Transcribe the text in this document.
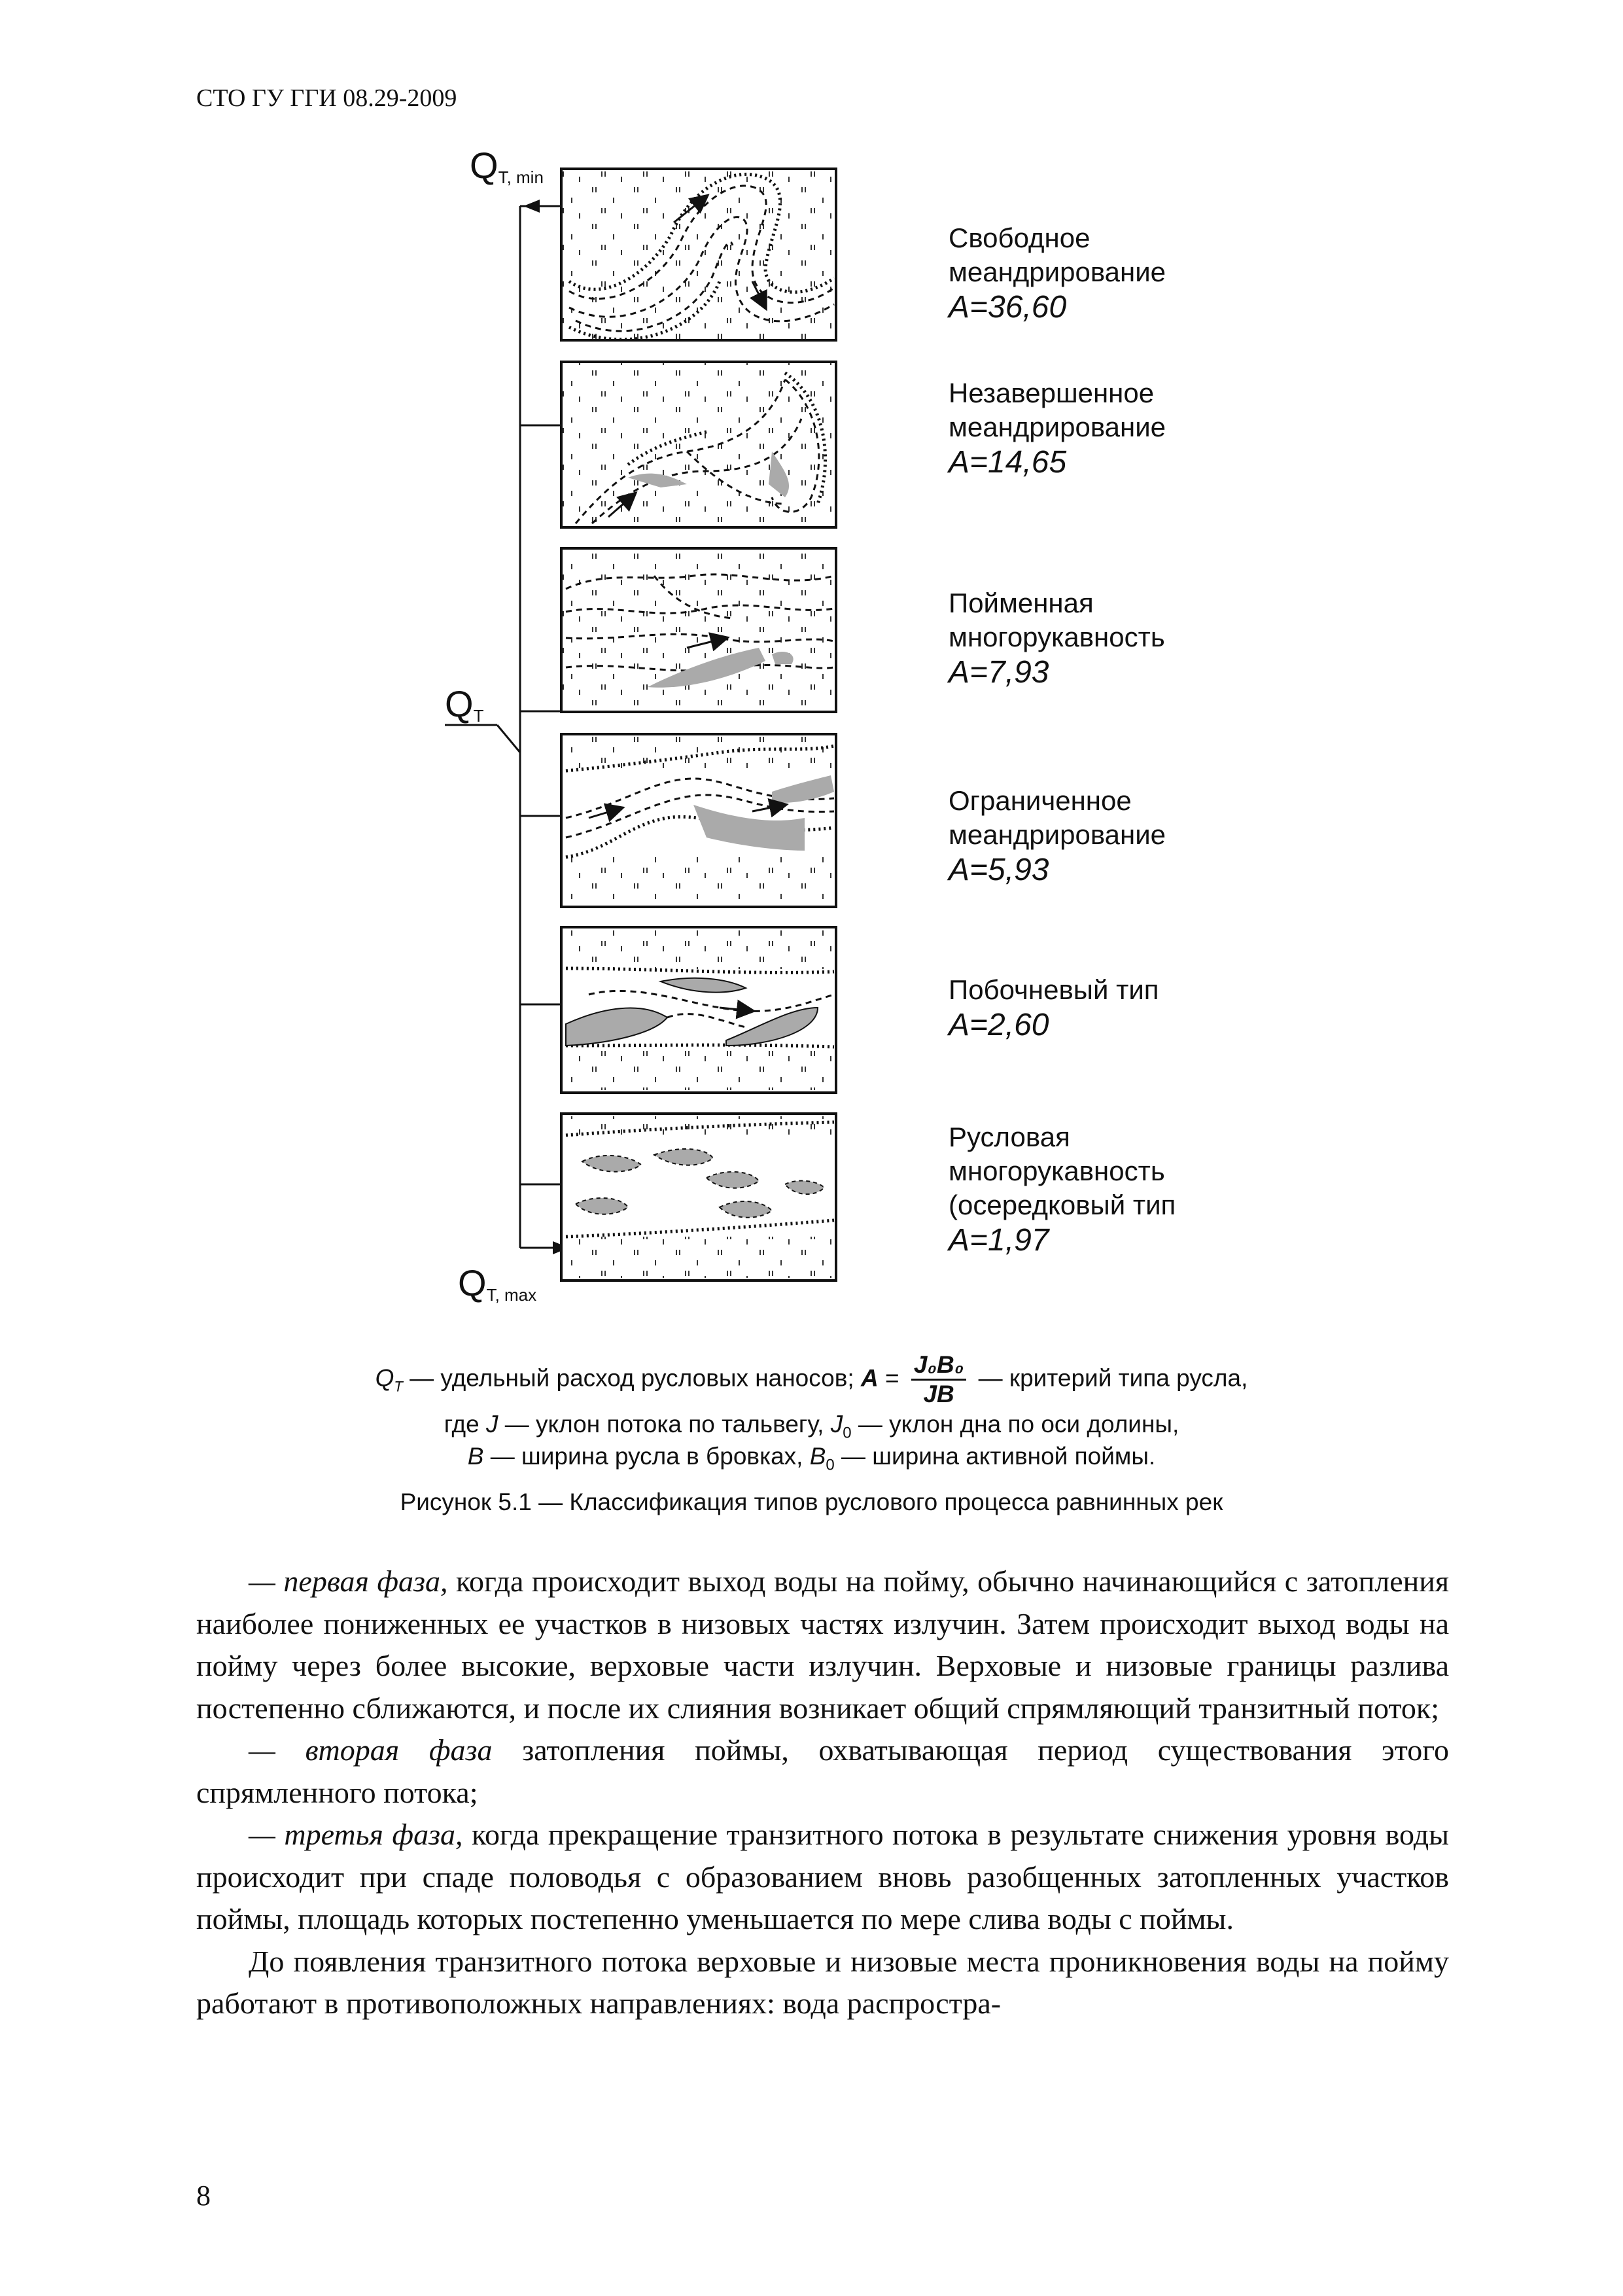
СТО ГУ ГГИ 08.29-2009
QT, min
QT
QT, max
Свободное
меандрирование
A=36,60
Незавершенное
меандрирование
A=14,65
Пойменная
многорукавность
A=7,93
Ограниченное
меандрирование
A=5,93
Побочневый тип
A=2,60
Русловая
многорукавность
(осередковый тип
A=1,97
$Q_T$ — удельный расход русловых наносов; $A = \frac{\text{J₀B₀}}{JB}$ — критерий типа русла,
где J — уклон потока по тальвегу, $J_0$ — уклон дна по оси долины,
B — ширина русла в бровках, $B_0$ — ширина активной поймы.
Рисунок 5.1 — Классификация типов руслового процесса равнинных рек

— первая фаза, когда происходит выход воды на пойму, обычно начинающийся с затопления наиболее пониженных ее участков в низовых частях излучин. Затем происходит выход воды на пойму через более высокие, верховые части излучин. Верховые и низовые границы разлива постепенно сближаются, и после их слияния возникает общий спрямляющий транзитный поток;

— вторая фаза затопления поймы, охватывающая период существования этого спрямленного потока;

— третья фаза, когда прекращение транзитного потока в результате снижения уровня воды происходит при спаде половодья с образованием вновь разобщенных затопленных участков поймы, площадь которых постепенно уменьшается по мере слива воды с поймы.

До появления транзитного потока верховые и низовые места проникновения воды на пойму работают в противоположных направлениях: вода распростра-

8
